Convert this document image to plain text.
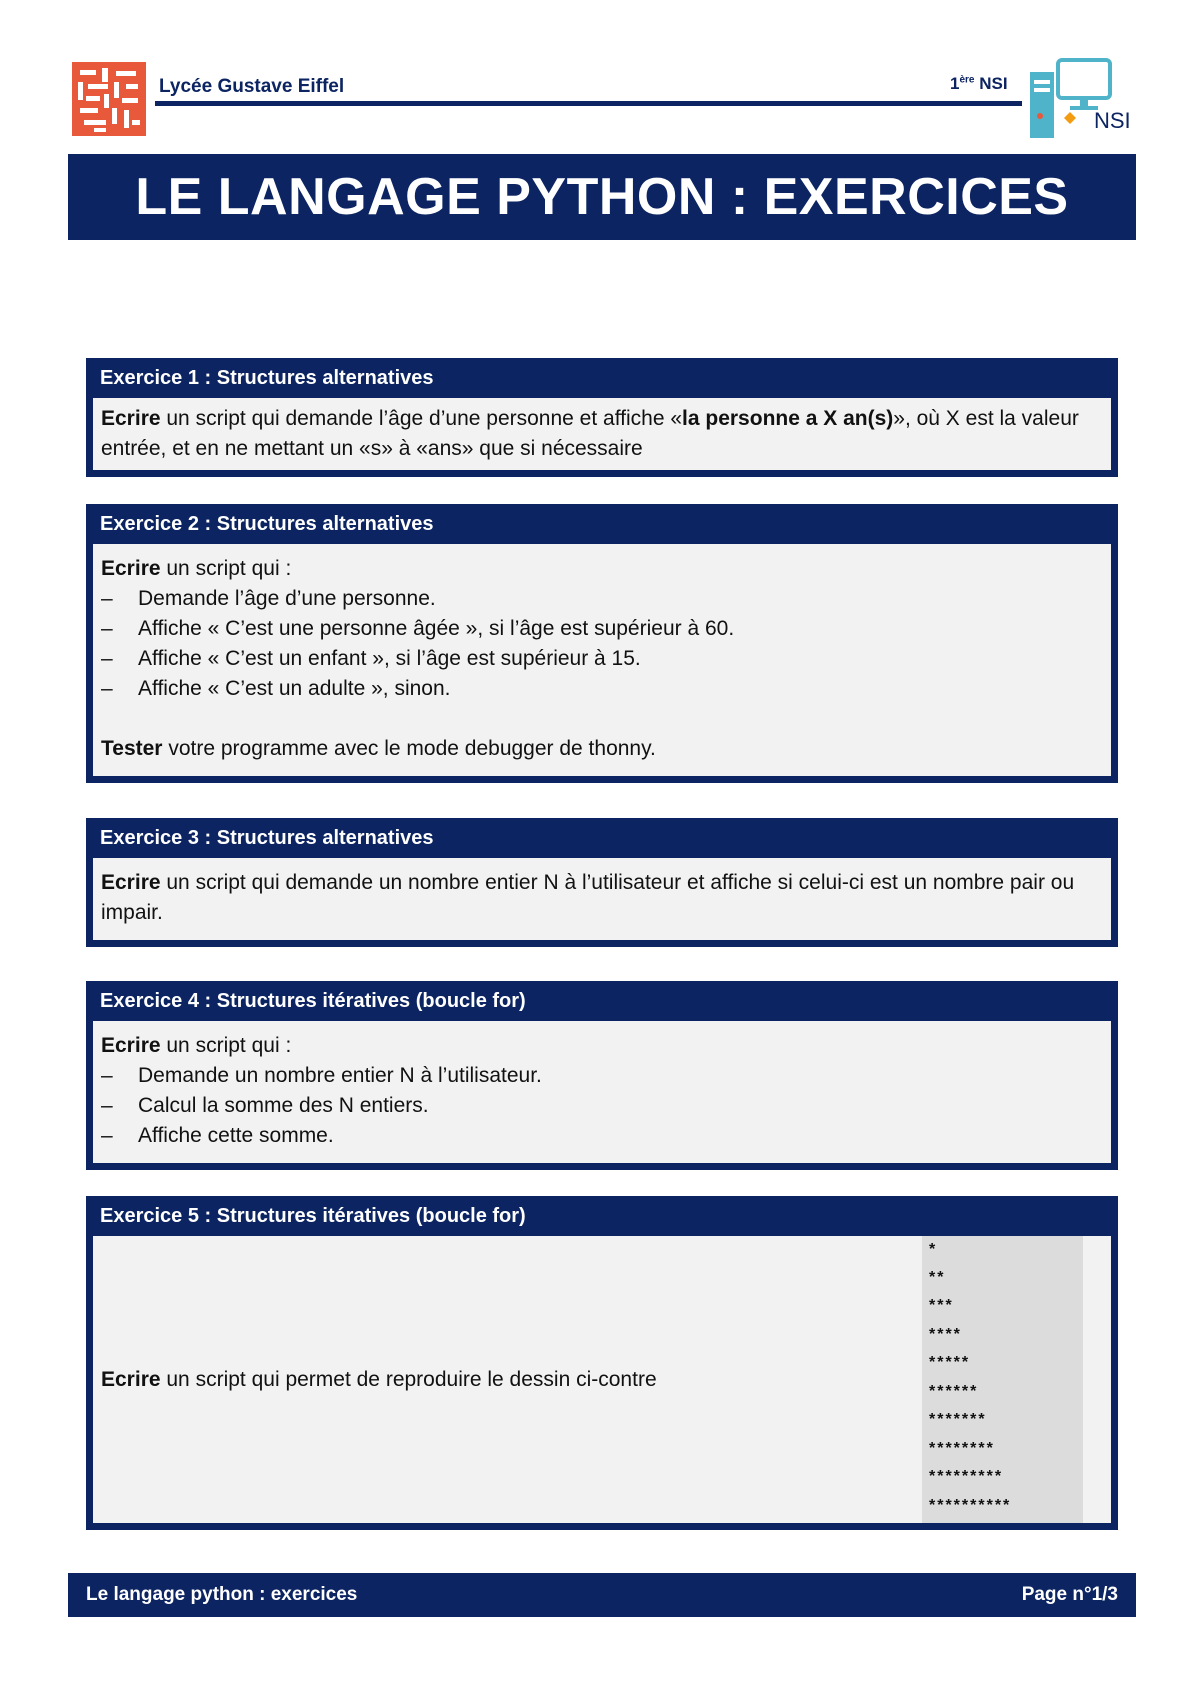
Lycée Gustave Eiffel	1ère NSI
NSI
LE LANGAGE PYTHON : EXERCICES
Exercice 1 : Structures alternatives

Ecrire un script qui demande l’âge d’une personne et affiche «la personne a X an(s)», où X est la valeur entrée, et en ne mettant un «s» à «ans» que si nécessaire

Exercice 2 : Structures alternatives

Ecrire un script qui :

– Demande l’âge d’une personne.
– Affiche « C’est une personne âgée », si l’âge est supérieur à 60.
– Affiche « C’est un enfant », si l’âge est supérieur à 15.
– Affiche « C’est un adulte », sinon.

Tester votre programme avec le mode debugger de thonny.

Exercice 3 : Structures alternatives

Ecrire un script qui demande un nombre entier N à l’utilisateur et affiche si celui-ci est un nombre pair ou impair.

Exercice 4 : Structures itératives (boucle for)

Ecrire un script qui :

– Demande un nombre entier N à l’utilisateur.
– Calcul la somme des N entiers.
– Affiche cette somme.
Exercice 5 : Structures itératives (boucle for)
Ecrire un script qui permet de reproduire le dessin ci-contre
*
**
***
****
*****
******
*******
********
*********
**********
Le langage python : exercices	Page n°1/3
